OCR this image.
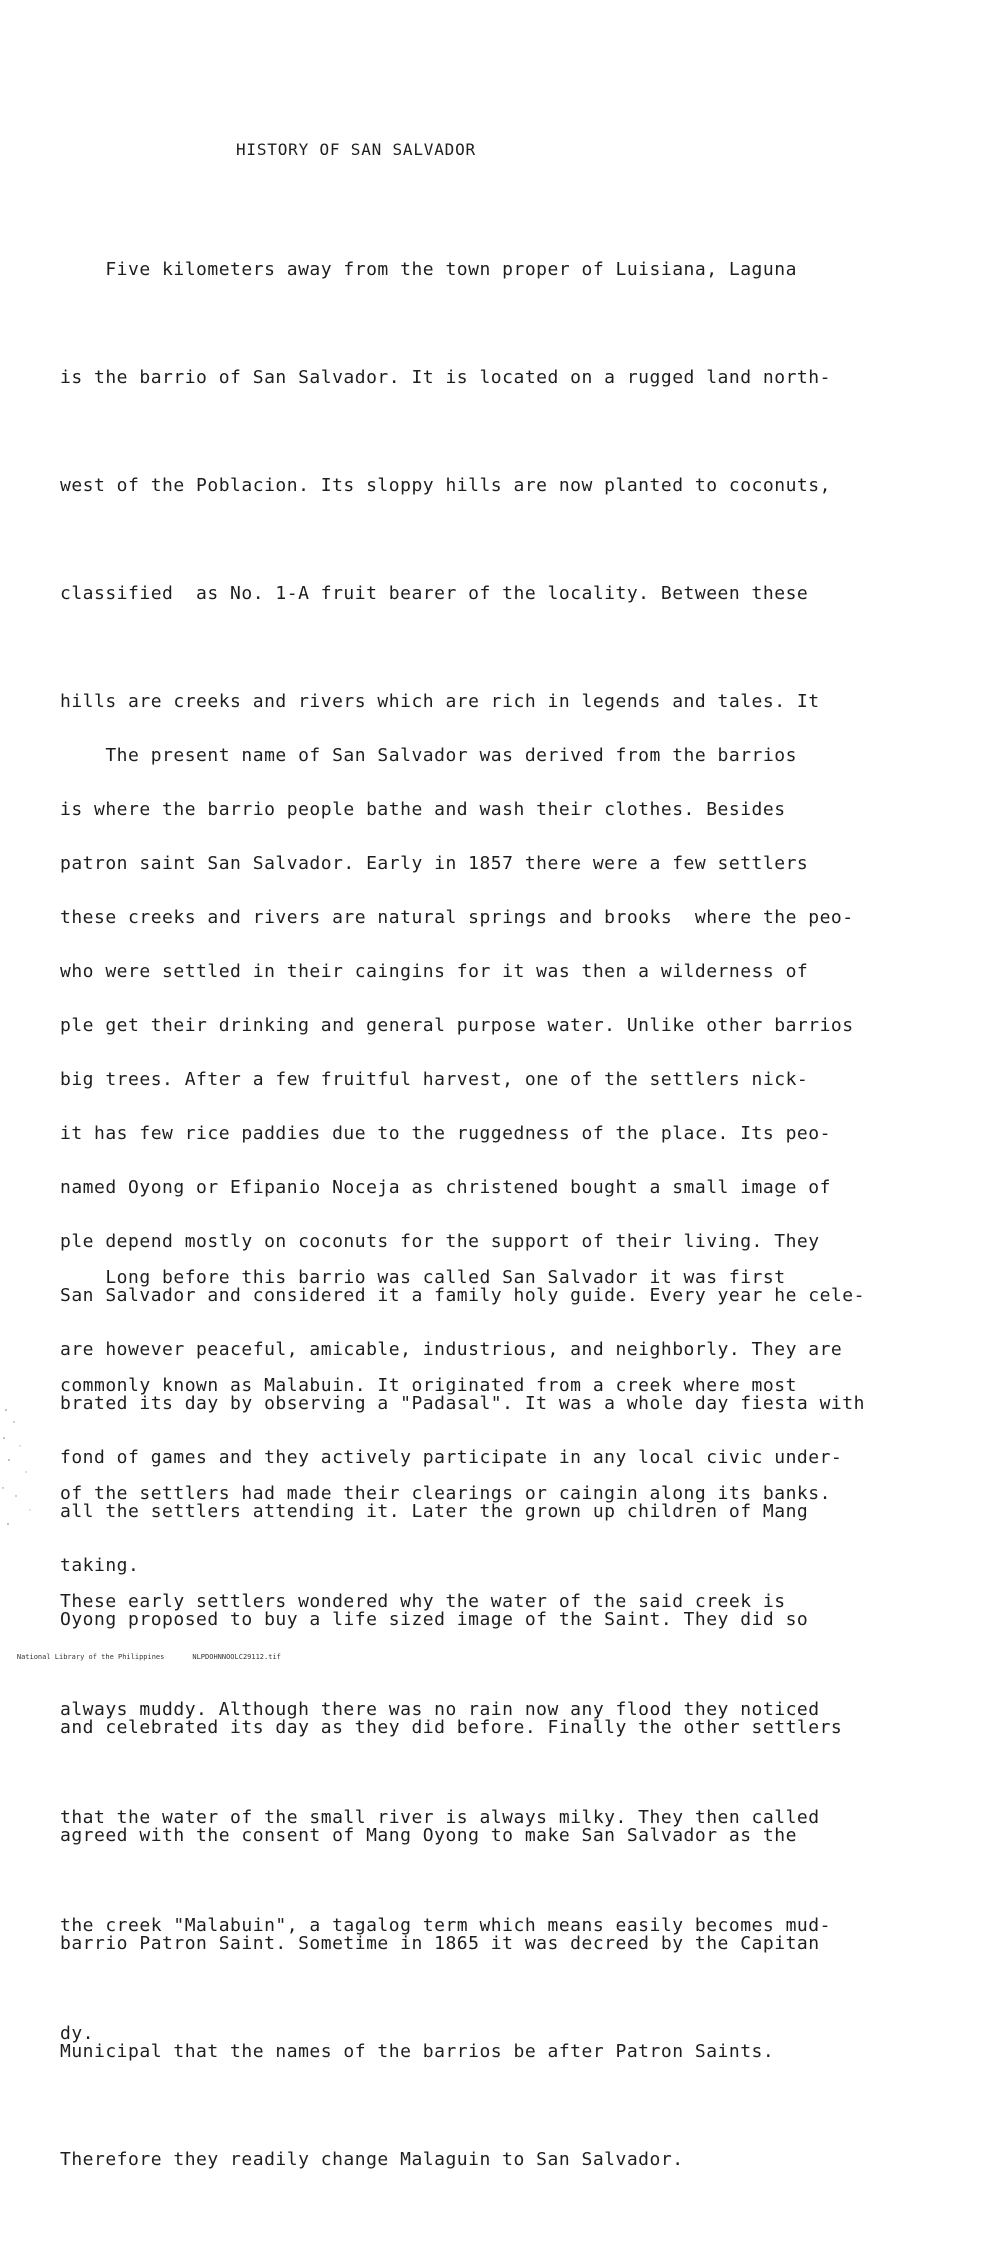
HISTORY OF SAN SALVADOR

Five kilometers away from the town proper of Luisiana, Laguna

is the barrio of San Salvador. It is located on a rugged land north-

west of the Poblacion. Its sloppy hills are now planted to coconuts,

classified  as No. 1-A fruit bearer of the locality. Between these

hills are creeks and rivers which are rich in legends and tales. It

is where the barrio people bathe and wash their clothes. Besides

these creeks and rivers are natural springs and brooks  where the peo-

ple get their drinking and general purpose water. Unlike other barrios

it has few rice paddies due to the ruggedness of the place. Its peo-

ple depend mostly on coconuts for the support of their living. They

are however peaceful, amicable, industrious, and neighborly. They are

fond of games and they actively participate in any local civic under-

taking.

The present name of San Salvador was derived from the barrios

patron saint San Salvador. Early in 1857 there were a few settlers

who were settled in their caingins for it was then a wilderness of

big trees. After a few fruitful harvest, one of the settlers nick-

named Oyong or Efipanio Noceja as christened bought a small image of

San Salvador and considered it a family holy guide. Every year he cele-

brated its day by observing a "Padasal". It was a whole day fiesta with

all the settlers attending it. Later the grown up children of Mang

Oyong proposed to buy a life sized image of the Saint. They did so

and celebrated its day as they did before. Finally the other settlers

agreed with the consent of Mang Oyong to make San Salvador as the

barrio Patron Saint. Sometime in 1865 it was decreed by the Capitan

Municipal that the names of the barrios be after Patron Saints.

Therefore they readily change Malaguin to San Salvador.

Long before this barrio was called San Salvador it was first

commonly known as Malabuin. It originated from a creek where most

of the settlers had made their clearings or caingin along its banks.

These early settlers wondered why the water of the said creek is

always muddy. Although there was no rain now any flood they noticed

that the water of the small river is always milky. They then called

the creek "Malabuin", a tagalog term which means easily becomes mud-

dy.

National Library of the Philippines	NLPDOHNNOOLC29112.tif
